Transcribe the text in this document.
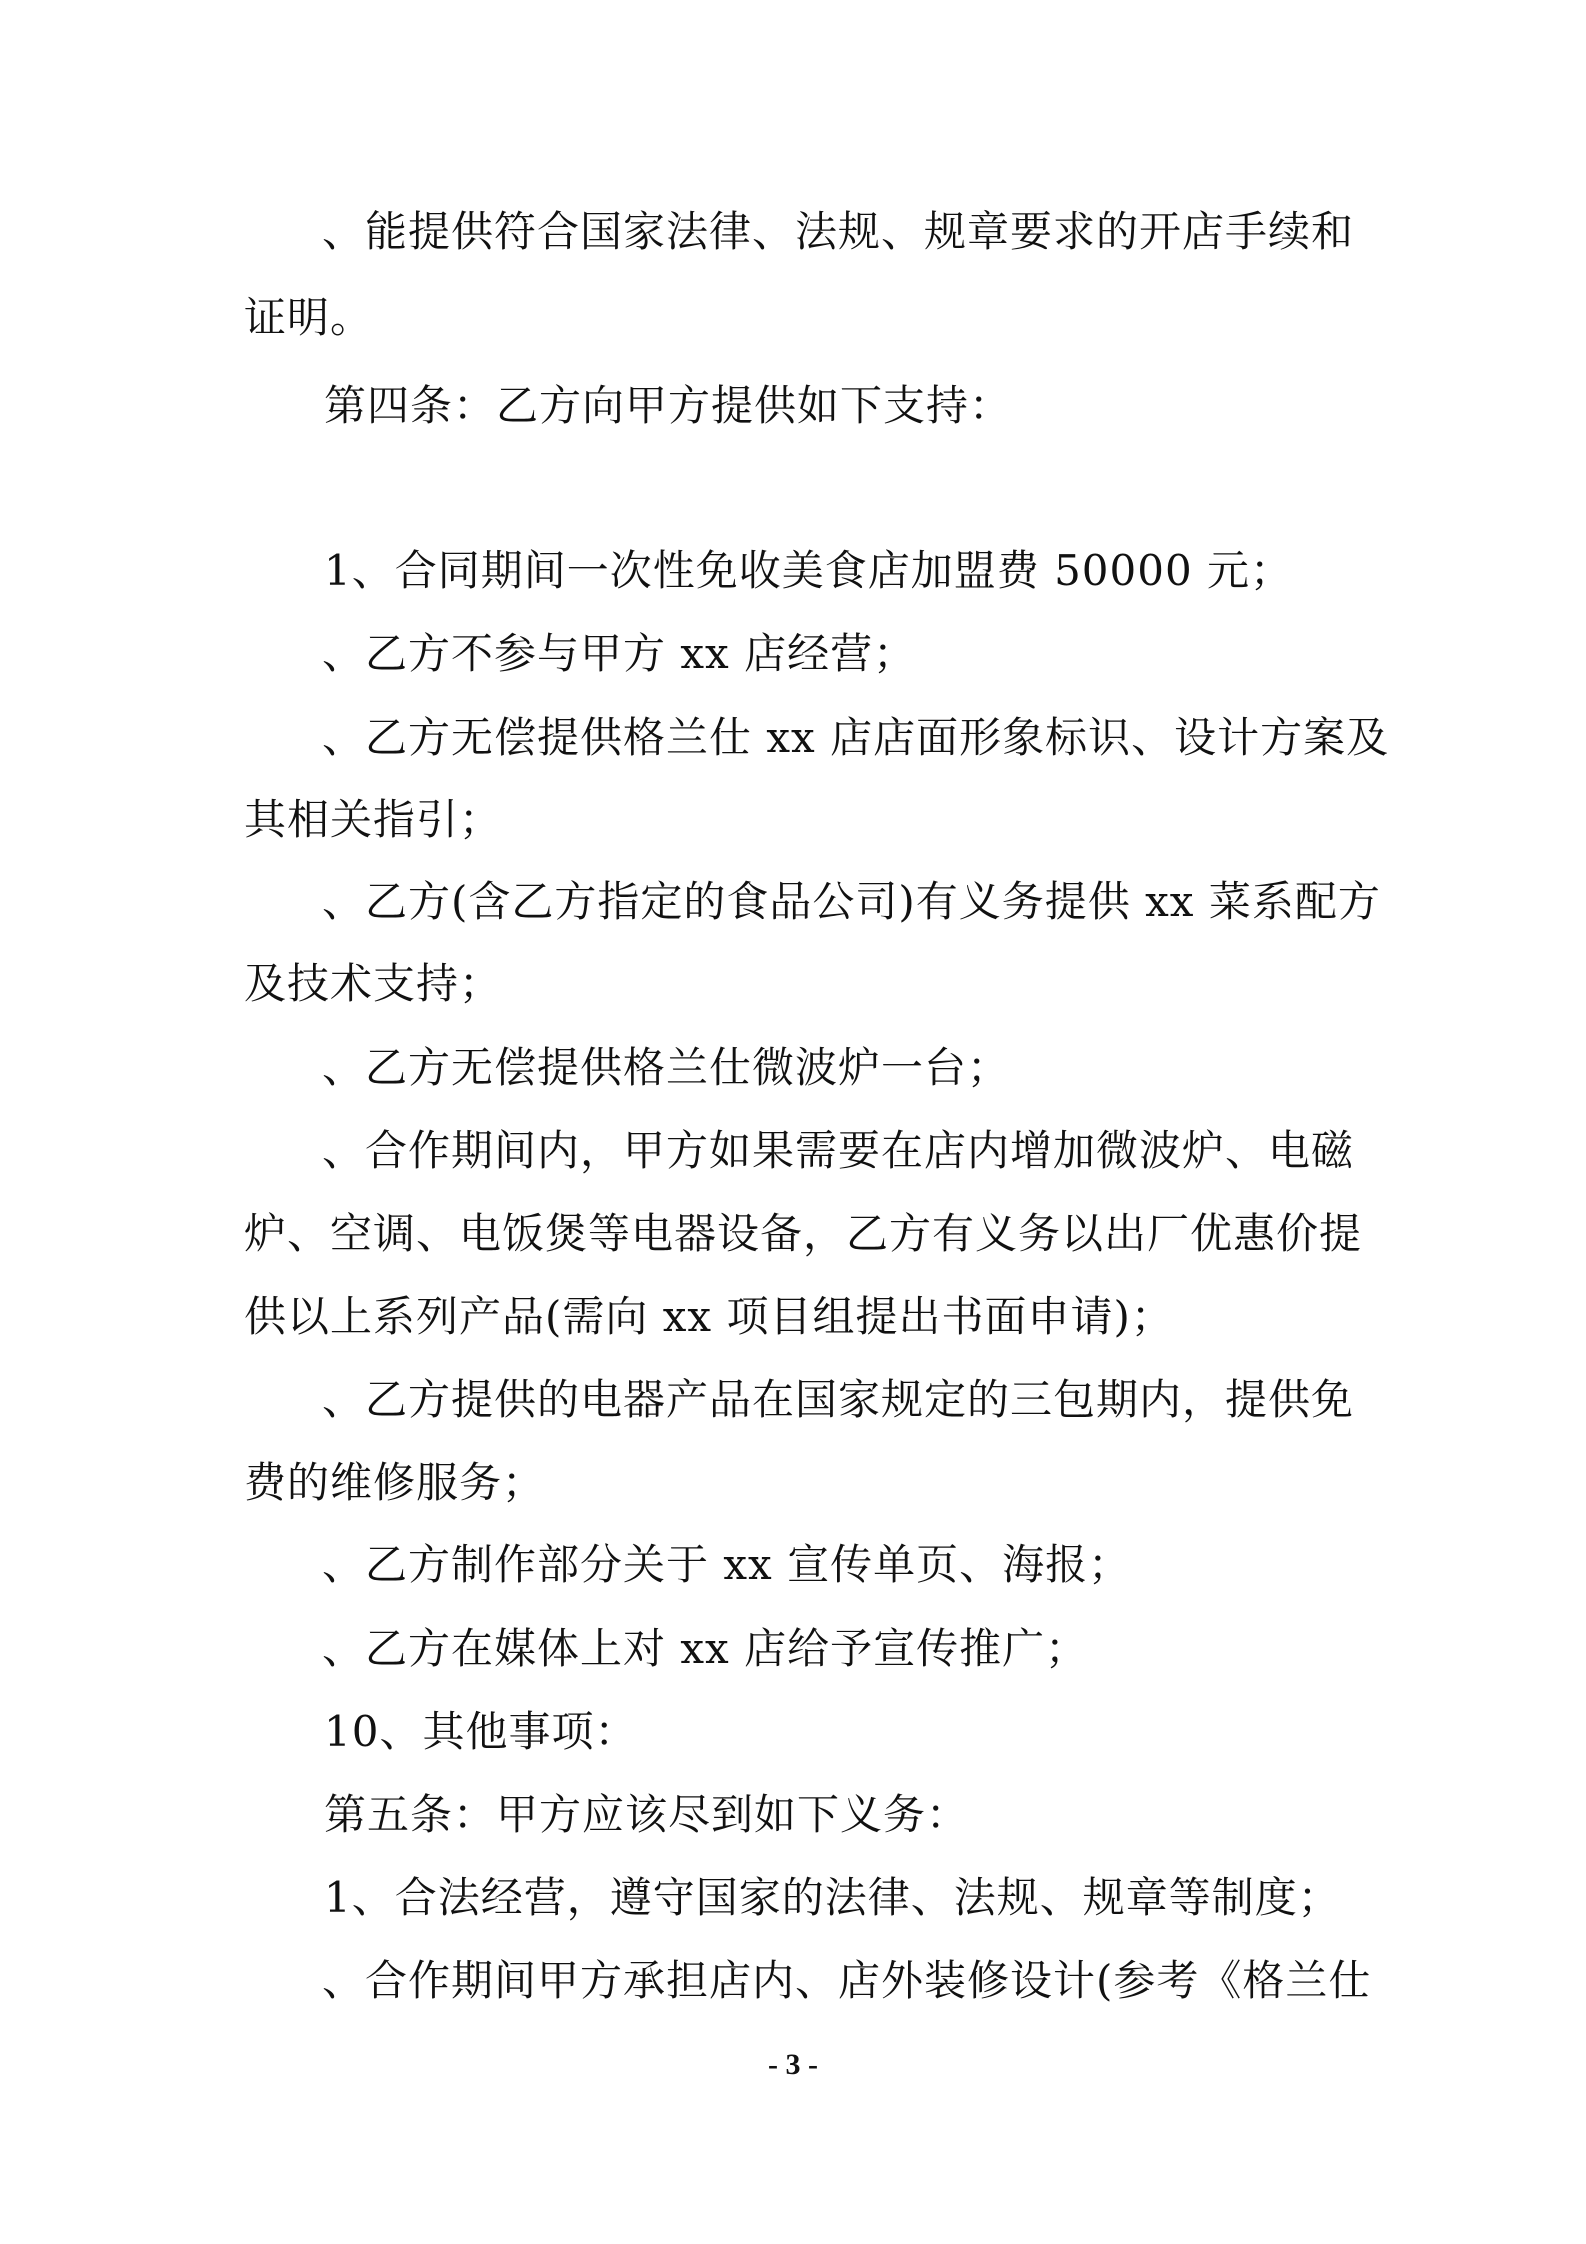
、能提供符合国家法律、法规、规章要求的开店手续和
证明。
第四条：乙方向甲方提供如下支持：
1、合同期间一次性免收美食店加盟费 50000 元；
、乙方不参与甲方 xx 店经营；
、乙方无偿提供格兰仕 xx 店店面形象标识、设计方案及
其相关指引；
、乙方(含乙方指定的食品公司)有义务提供 xx 菜系配方
及技术支持；
、乙方无偿提供格兰仕微波炉一台；
、合作期间内，甲方如果需要在店内增加微波炉、电磁
炉、空调、电饭煲等电器设备，乙方有义务以出厂优惠价提
供以上系列产品(需向 xx 项目组提出书面申请)；
、乙方提供的电器产品在国家规定的三包期内，提供免
费的维修服务；
、乙方制作部分关于 xx 宣传单页、海报；
、乙方在媒体上对 xx 店给予宣传推广；
10、其他事项：
第五条：甲方应该尽到如下义务：
1、合法经营，遵守国家的法律、法规、规章等制度；
、合作期间甲方承担店内、店外装修设计(参考《格兰仕
- 3 -
